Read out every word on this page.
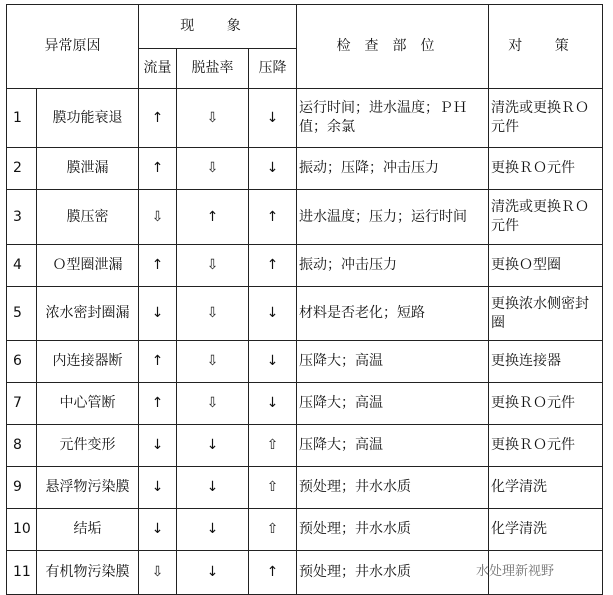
异常原因		现 象			检查部位	对 策
		流量	脱盐率	压降		
1	膜功能衰退	↑	⇩	↓	运行时间；进水温度；ＰＨ值；余氯	清洗或更换ＲＯ元件
2	膜泄漏	↑	⇩	↓	振动；压降；冲击压力	更换ＲＯ元件
3	膜压密	⇩	↑	↑	进水温度；压力；运行时间	清洗或更换ＲＯ元件
4	Ｏ型圈泄漏	↑	⇩	↑	振动；冲击压力	更换Ｏ型圈
5	浓水密封圈漏	↓	⇩	↓	材料是否老化；短路	更换浓水侧密封圈
6	内连接器断	↑	⇩	↓	压降大；高温	更换连接器
7	中心管断	↑	⇩	↓	压降大；高温	更换ＲＯ元件
8	元件变形	↓	↓	⇧	压降大；高温	更换ＲＯ元件
9	悬浮物污染膜	↓	↓	⇧	预处理；井水水质	化学清洗
10	结垢	↓	↓	⇧	预处理；井水水质	化学清洗
11	有机物污染膜	⇩	↓	↑	预处理；井水水质		水处理新视野
